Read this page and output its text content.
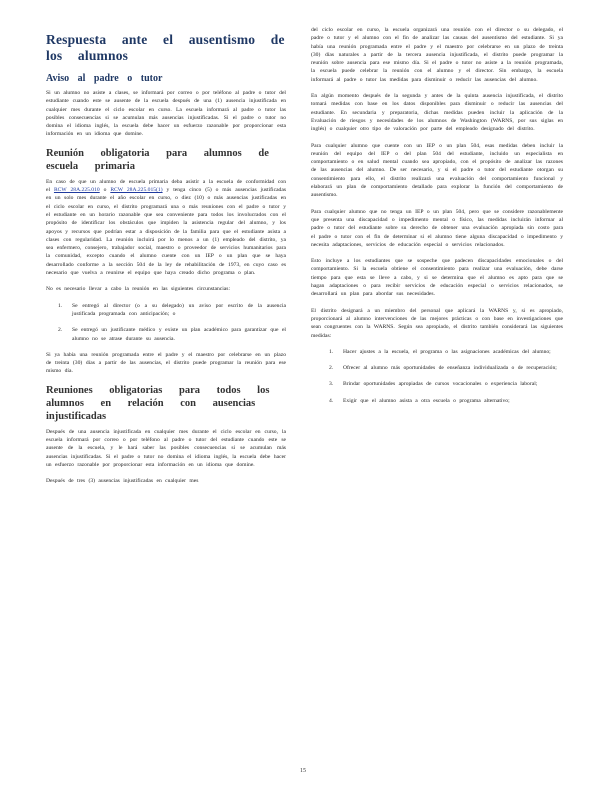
Respuesta ante el ausentismo de los alumnos
Aviso al padre o tutor

Si un alumno no asiste a clases, se informará por correo o por teléfono al padre o tutor del estudiante cuando este se ausente de la escuela después de una (1) ausencia injustificada en cualquier mes durante el ciclo escolar en curso. La escuela informará al padre o tutor las posibles consecuencias si se acumulan más ausencias injustificadas. Si el padre o tutor no domina el idioma inglés, la escuela debe hacer un esfuerzo razonable por proporcionar esta información en un idioma que domine.

Reunión obligatoria para alumnos de escuela primaria

En caso de que un alumno de escuela primaria deba asistir a la escuela de conformidad con el RCW 28A.225.010 o RCW 28A.225.015(1) y tenga cinco (5) o más ausencias justificadas en un solo mes durante el año escolar en curso, o diez (10) o más ausencias justificadas en el ciclo escolar en curso, el distrito programará una o más reuniones con el padre o tutor y el estudiante en un horario razonable que sea conveniente para todos los involucrados con el propósito de identificar los obstáculos que impiden la asistencia regular del alumno, y los apoyos y recursos que podrían estar a disposición de la familia para que el estudiante asista a clases con regularidad. La reunión incluirá por lo menos a un (1) empleado del distrito, ya sea enfermero, consejero, trabajador social, maestro o proveedor de servicios humanitarios para la comunidad, excepto cuando el alumno cuente con un IEP o un plan que se haya desarrollado conforme a la sección 504 de la ley de rehabilitación de 1973, en cuyo caso es necesario que vuelva a reunirse el equipo que haya creado dicho programa o plan.

No es necesario llevar a cabo la reunión en las siguientes circunstancias:

1. Se entregó al director (o a su delegado) un aviso por escrito de la ausencia justificada programada con anticipación; o
2. Se entregó un justificante médico y existe un plan académico para garantizar que el alumno no se atrase durante su ausencia.

Si ya había una reunión programada entre el padre y el maestro por celebrarse en un plazo de treinta (30) días a partir de las ausencias, el distrito puede programar la reunión para ese mismo día.

Reuniones obligatorias para todos los alumnos en relación con ausencias injustificadas

Después de una ausencia injustificada en cualquier mes durante el ciclo escolar en curso, la escuela informará por correo o por teléfono al padre o tutor del estudiante cuando este se ausente de la escuela, y le hará saber las posibles consecuencias si se acumulan más ausencias injustificadas. Si el padre o tutor no domina el idioma inglés, la escuela debe hacer un esfuerzo razonable por proporcionar esta información en un idioma que domine.

Después de tres (3) ausencias injustificadas en cualquier mes

del ciclo escolar en curso, la escuela organizará una reunión con el director o su delegado, el padre o tutor y el alumno con el fin de analizar las causas del ausentismo del estudiante. Si ya había una reunión programada entre el padre y el maestro por celebrarse en un plazo de treinta (30) días naturales a partir de la tercera ausencia injustificada, el distrito puede programar la reunión sobre ausencia para ese mismo día. Si el padre o tutor no asiste a la reunión programada, la escuela puede celebrar la reunión con el alumno y el director. Sin embargo, la escuela informará al padre o tutor las medidas para disminuir o reducir las ausencias del alumno.

En algún momento después de la segunda y antes de la quinta ausencia injustificada, el distrito tomará medidas con base en los datos disponibles para disminuir o reducir las ausencias del estudiante. En secundaria y preparatoria, dichas medidas pueden incluir la aplicación de la Evaluación de riesgos y necesidades de los alumnos de Washington (WARNS, por sus siglas en inglés) o cualquier otro tipo de valoración por parte del empleado designado del distrito.

Para cualquier alumno que cuente con un IEP o un plan 504, esas medidas deben incluir la reunión del equipo del IEP o del plan 504 del estudiante, incluido un especialista en comportamiento o en salud mental cuando sea apropiado, con el propósito de analizar las razones de las ausencias del alumno. De ser necesario, y si el padre o tutor del estudiante otorgan su consentimiento para ello, el distrito realizará una evaluación del comportamiento funcional y elaborará un plan de comportamiento detallado para explorar la función del comportamiento de ausentismo.

Para cualquier alumno que no tenga un IEP o un plan 504, pero que se considere razonablemente que presenta una discapacidad o impedimento mental o físico, las medidas incluirán informar al padre o tutor del estudiante sobre su derecho de obtener una evaluación apropiada sin costo para el padre o tutor con el fin de determinar si el alumno tiene alguna discapacidad o impedimento y necesita adaptaciones, servicios de educación especial o servicios relacionados.

Esto incluye a los estudiantes que se sospeche que padecen discapacidades emocionales o del comportamiento. Si la escuela obtiene el consentimiento para realizar una evaluación, debe darse tiempo para que esta se lleve a cabo, y si se determina que el alumno es apto para que se hagan adaptaciones o para recibir servicios de educación especial o servicios relacionados, se desarrollará un plan para abordar sus necesidades.

El distrito designará a un miembro del personal que aplicará la WARNS y, si es apropiado, proporcionará al alumno intervenciones de las mejores prácticas o con base en investigaciones que sean congruentes con la WARNS. Según sea apropiado, el distrito también considerará las siguientes medidas:

1. Hacer ajustes a la escuela, el programa o las asignaciones académicas del alumno;
2. Ofrecer al alumno más oportunidades de enseñanza individualizada o de recuperación;
3. Brindar oportunidades apropiadas de cursos vocacionales o experiencia laboral;
4. Exigir que el alumno asista a otra escuela o programa alternativo;
15
